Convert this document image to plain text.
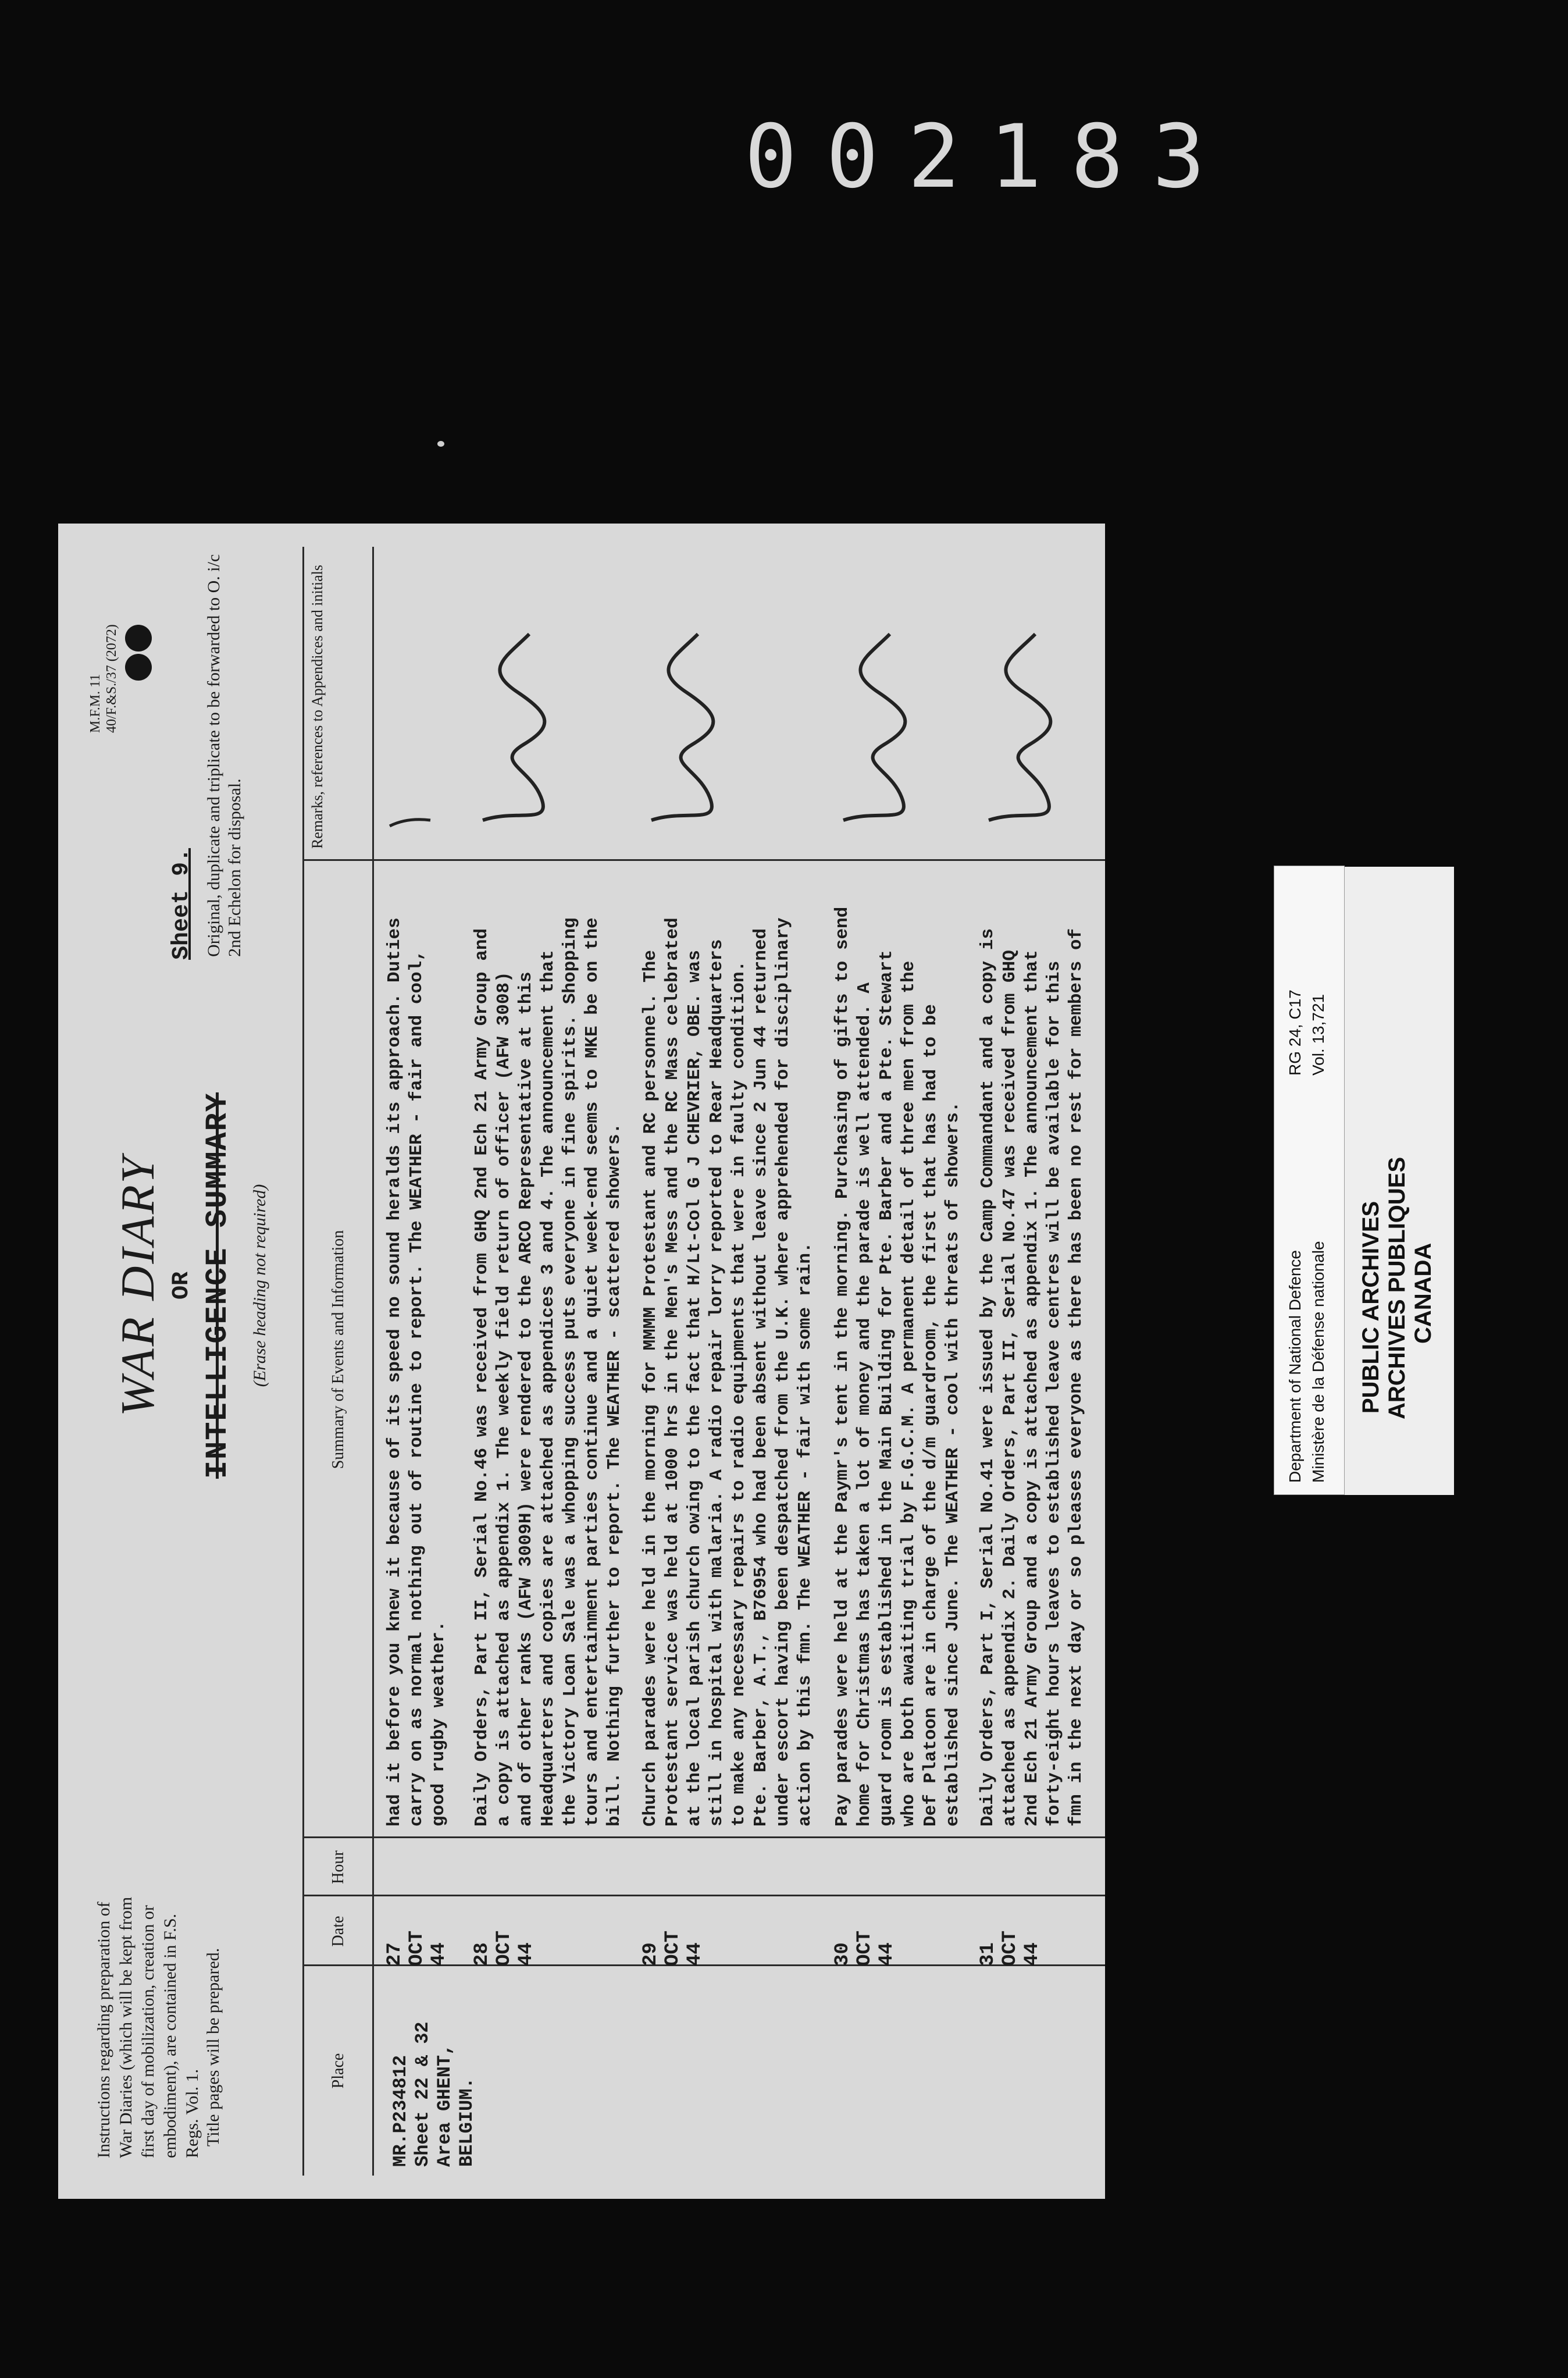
002183
Instructions regarding preparation of War Diaries (which will be kept from first day of mobilization, creation or embodiment), are contained in F.S. Regs. Vol. 1. Title pages will be prepared.
WAR DIARY OR INTELLIGENCE SUMMARY (Erase heading not required)
M.F.M. 11 40/F.&S./37 (2072)
Sheet 9. Original, duplicate and triplicate to be forwarded to O. i/c 2nd Echelon for disposal.
Place
Date
Hour
Summary of Events and Information
Remarks, references to Appendices and initials
MR.P234812
Sheet 22 & 32
Area GHENT,
BELGIUM.
27 OCT 44
had it before you knew it because of its speed no sound heralds its approach. Duties
carry on as normal nothing out of routine to report. The WEATHER - fair and cool,
good rugby weather.
28 OCT 44
Daily Orders, Part II, Serial No.46 was received from GHQ 2nd Ech 21 Army Group and
a copy is attached as appendix 1. The weekly field return of officer (AFW 3008)
and of other ranks (AFW 3009H) were rendered to the ARCO Representative at this
Headquarters and copies are attached as appendices 3 and 4. The announcement that
the Victory Loan Sale was a whopping success puts everyone in fine spirits. Shopping
tours and entertainment parties continue and a quiet week-end seems to MKE be on the
bill. Nothing further to report. The WEATHER - scattered showers.
29 OCT 44
Church parades were held in the morning for MMMM Protestant and RC personnel. The
Protestant service was held at 1000 hrs in the Men's Mess and the RC Mass celebrated
at the local parish church owing to the fact that H/Lt-Col G J CHEVRIER, OBE. was
still in hospital with malaria. A radio repair lorry reported to Rear Headquarters
to make any necessary repairs to radio equipments that were in faulty condition.
Pte. Barber, A.T., B76954 who had been absent without leave since 2 Jun 44 returned
under escort having been despatched from the U.K. where apprehended for disciplinary
action by this fmn. The WEATHER - fair with some rain.
30 OCT 44
Pay parades were held at the Paymr's tent in the morning. Purchasing of gifts to send
home for Christmas has taken a lot of money and the parade is well attended. A
guard room is established in the Main Building for Pte. Barber and a Pte. Stewart
who are both awaiting trial by F.G.C.M. A permanent detail of three men from the
Def Platoon are in charge of the d/m guardroom, the first that has had to be
established since June. The WEATHER - cool with threats of showers.
31 OCT 44
Daily Orders, Part I, Serial No.41 were issued by the Camp Commandant and a copy is
attached as appendix 2. Daily Orders, Part II, Serial No.47 was received from GHQ
2nd Ech 21 Army Group and a copy is attached as appendix 1. The announcement that
forty-eight hours leaves to established leave centres will be available for this
fmn in the next day or so pleases everyone as there has been no rest for members of
Department of National Defence Ministère de la Défense nationale
RG 24, C17 Vol. 13,721
PUBLIC ARCHIVES ARCHIVES PUBLIQUES CANADA
